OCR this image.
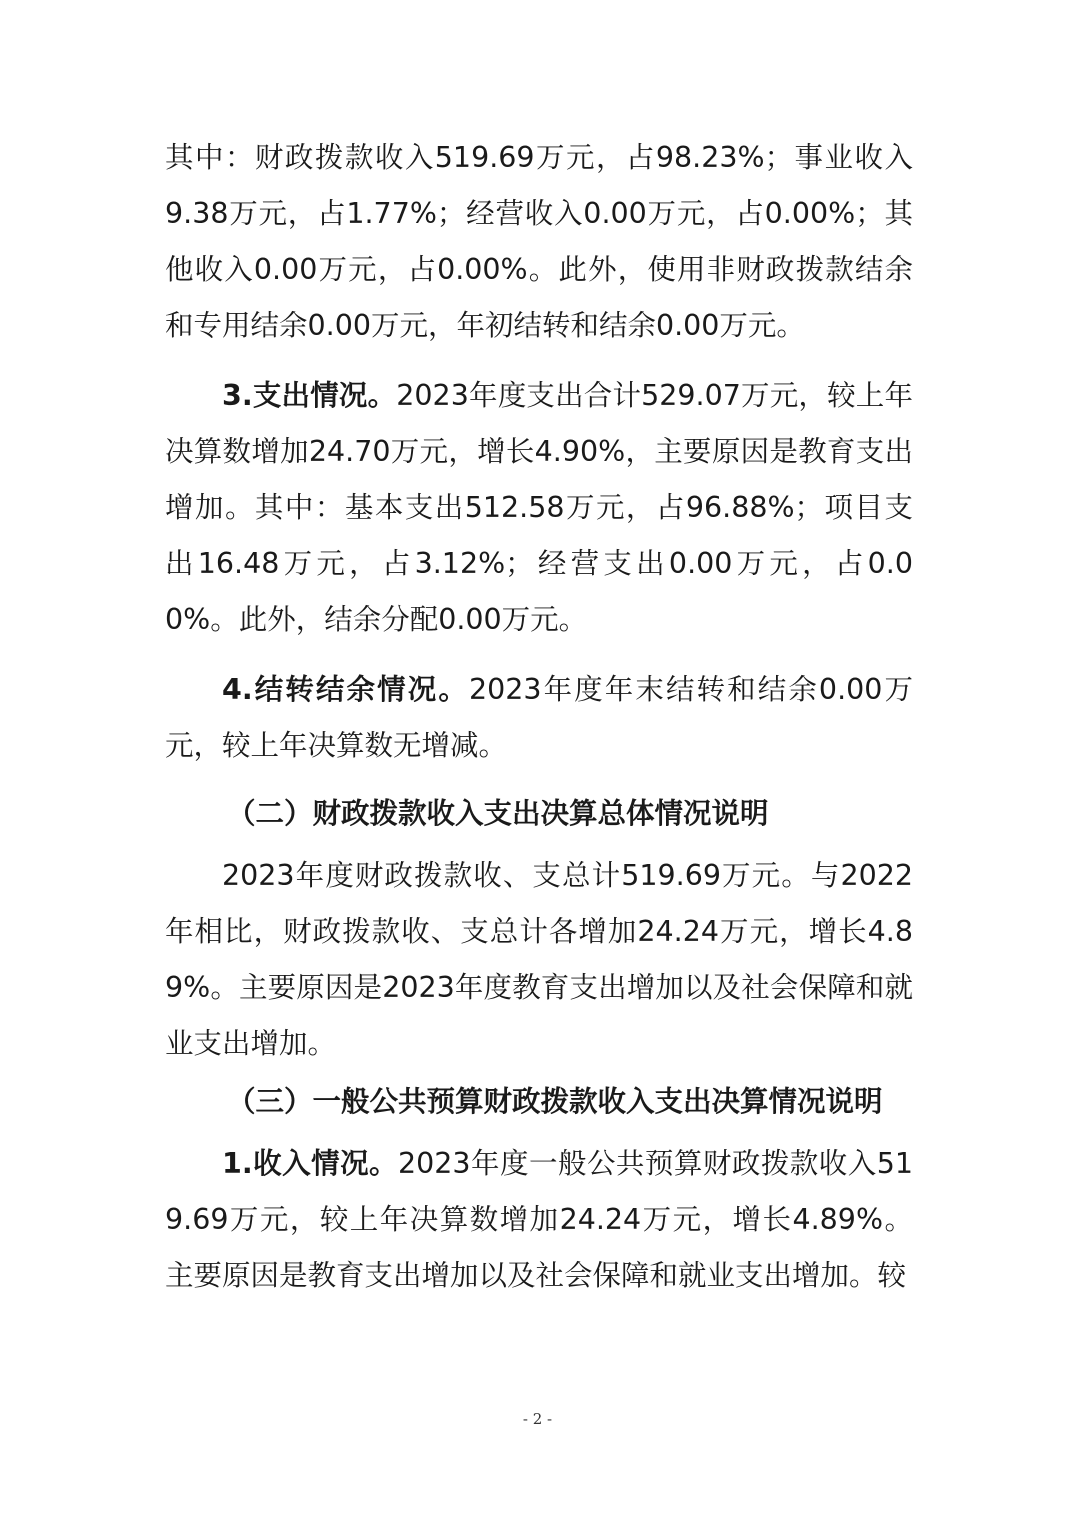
其中：财政拨款收入519.69万元，占98.23%；事业收入9.38万元，占1.77%；经营收入0.00万元，占0.00%；其他收入0.00万元，占0.00%。此外，使用非财政拨款结余和专用结余0.00万元，年初结转和结余0.00万元。

3.支出情况。2023年度支出合计529.07万元，较上年决算数增加24.70万元，增长4.90%，主要原因是教育支出增加。其中：基本支出512.58万元，占96.88%；项目支出16.48万元，占3.12%；经营支出0.00万元，占0.00%。此外，结余分配0.00万元。

4.结转结余情况。2023年度年末结转和结余0.00万元，较上年决算数无增减。

（二）财政拨款收入支出决算总体情况说明

2023年度财政拨款收、支总计519.69万元。与2022年相比，财政拨款收、支总计各增加24.24万元，增长4.89%。主要原因是2023年度教育支出增加以及社会保障和就业支出增加。

（三）一般公共预算财政拨款收入支出决算情况说明

1.收入情况。2023年度一般公共预算财政拨款收入519.69万元，较上年决算数增加24.24万元，增长4.89%。主要原因是教育支出增加以及社会保障和就业支出增加。较

- 2 -
